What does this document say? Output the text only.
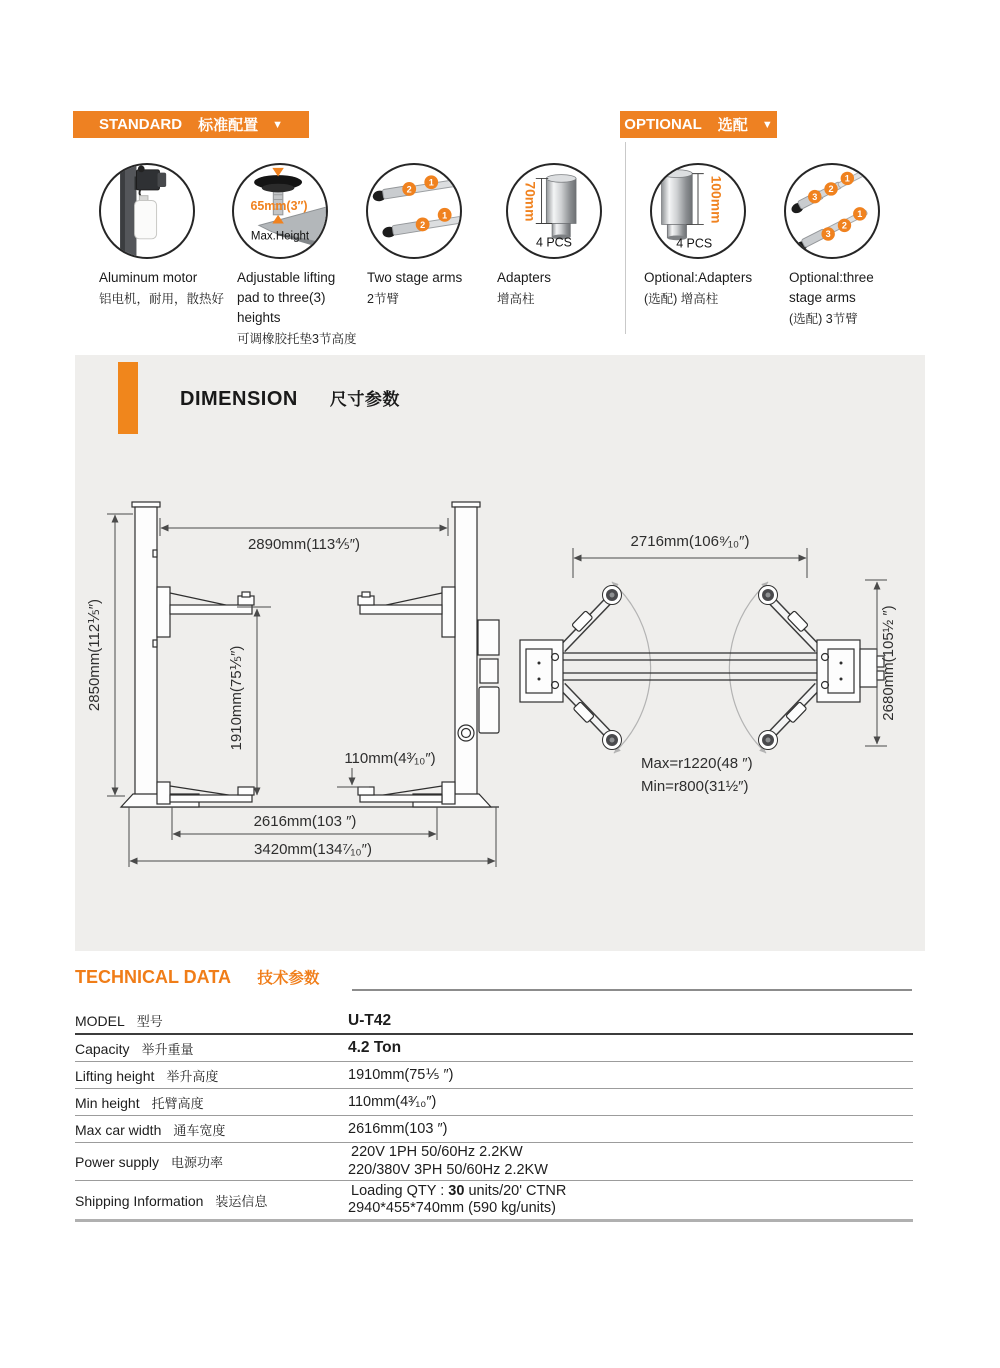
STANDARD 标准配置 ▼	OPTIONAL 选配 ▼
65mm(3″)
Max.Height
2
1
2
1	70mm
4 PCS
100mm
4 PCS
3
2
1
3
2
1
Aluminum motor
铝电机，耐用，散热好
Adjustable lifting pad to three(3) heights
可调橡胶托垫3节高度
Two stage arms
2节臂
Adapters
增高柱
Optional:Adapters
(选配) 增高柱
Optional:three stage arms
(选配) 3节臂
DIMENSION 尺寸参数
2850mm(112⅕″)
2890mm(113⅘″)
1910mm(75⅕″)
110mm(4³⁄₁₀″)
2616mm(103 ″)
3420mm(134⁷⁄₁₀″)
2716mm(106⁹⁄₁₀″)
2680mm(105½ ″)
Max=r1220(48 ″)
Min=r800(31½″)
TECHNICAL DATA 技术参数
MODEL 型号	U-T42
Capacity 举升重量	4.2 Ton
Lifting height 举升高度	1910mm(75⅕ ″)
Min height 托臂高度	110mm(4³⁄₁₀″)
Max car width 通车宽度	2616mm(103 ″)
Power supply 电源功率
220V 1PH 50/60Hz 2.2KW
220/380V 3PH 50/60Hz 2.2KW
Shipping Information 装运信息
Loading QTY : 30 units/20' CTNR
2940*455*740mm (590 kg/units)
